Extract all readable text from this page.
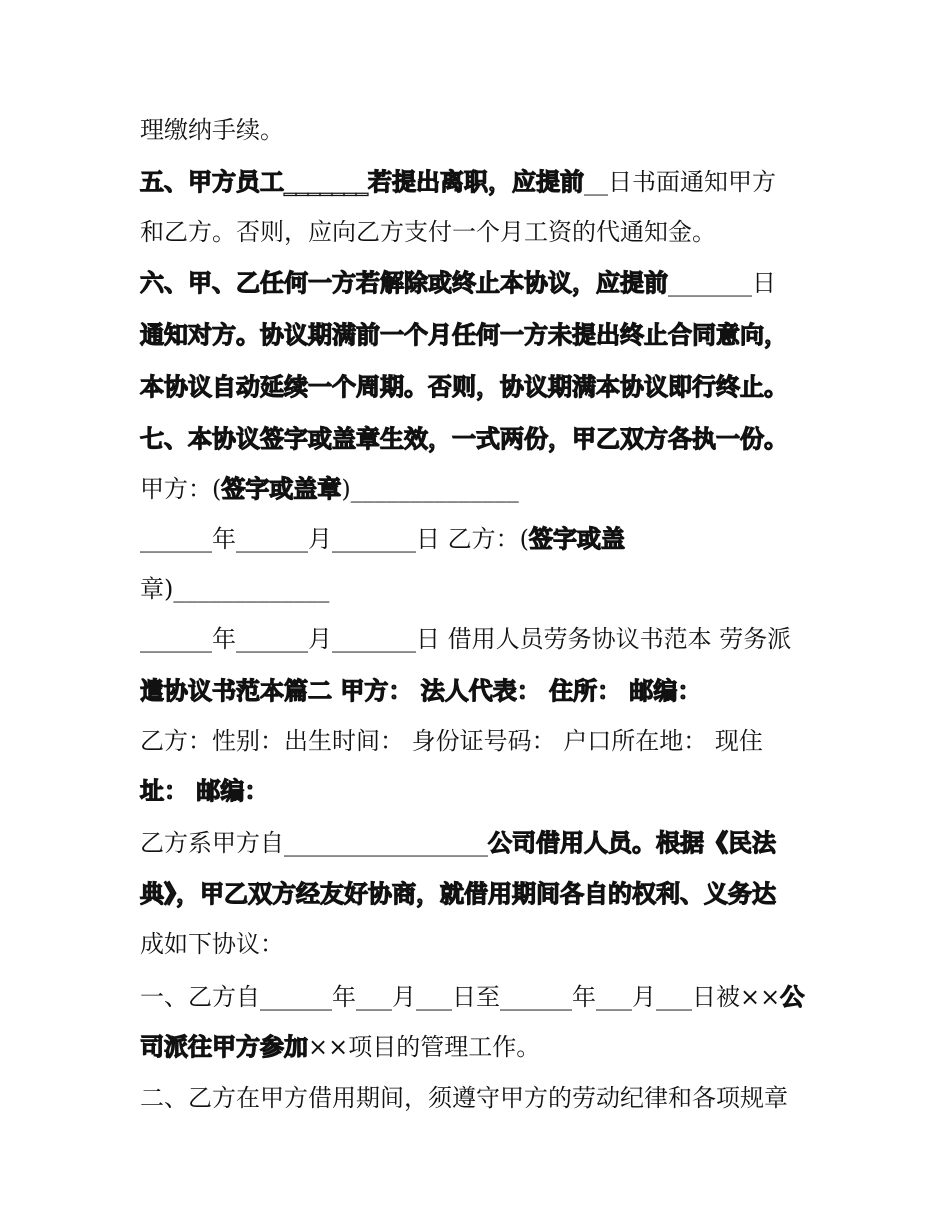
理缴纳手续。
五、甲方员工_______若提出离职，应提前__日书面通知甲方
和乙方。否则，应向乙方支付一个月工资的代通知金。
六、甲、乙任何一方若解除或终止本协议，应提前_______日
通知对方。协议期满前一个月任何一方未提出终止合同意向，
本协议自动延续一个周期。否则，协议期满本协议即行终止。
七、本协议签字或盖章生效，一式两份，甲乙双方各执一份。
甲方：(签字或盖章)______________
______年______月_______日 乙方：(签字或盖
章)_____________
______年______月_______日 借用人员劳务协议书范本 劳务派
遣协议书范本篇二 甲方： 法人代表： 住所： 邮编：
乙方：性别：出生时间： 身份证号码： 户口所在地： 现住
址： 邮编：
乙方系甲方自_________________公司借用人员。根据《民法
典》，甲乙双方经友好协商，就借用期间各自的权利、义务达
成如下协议：
一、乙方自______年___月___日至______年___月___日被××公
司派往甲方参加××项目的管理工作。
二、乙方在甲方借用期间，须遵守甲方的劳动纪律和各项规章
